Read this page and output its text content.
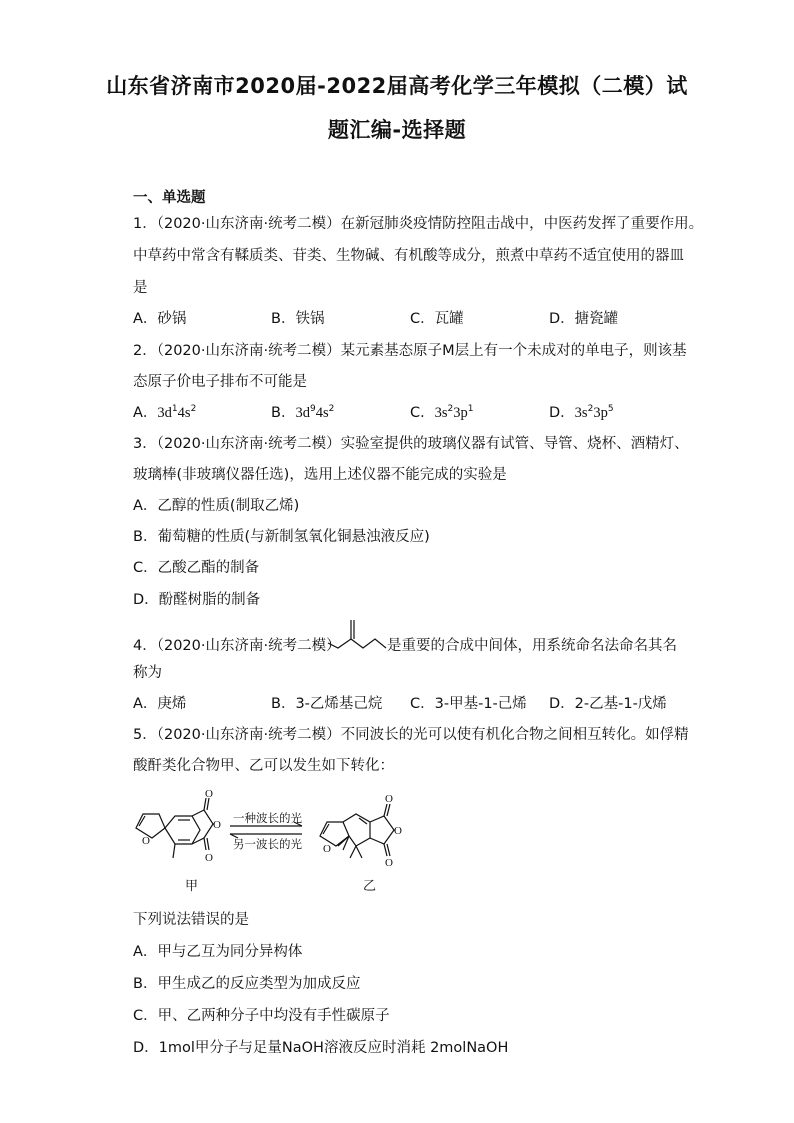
山东省济南市2020届-2022届高考化学三年模拟（二模）试
题汇编-选择题
一、单选题
1．（2020·山东济南·统考二模）在新冠肺炎疫情防控阻击战中，中医药发挥了重要作用。
中草药中常含有鞣质类、苷类、生物碱、有机酸等成分，煎煮中草药不适宜使用的器皿
是
A．砂锅	B．铁锅	C．瓦罐	D．搪瓷罐
2．（2020·山东济南·统考二模）某元素基态原子M层上有一个未成对的单电子，则该基
态原子价电子排布不可能是
A．$3d^14s^2$	B．$3d^94s^2$	C．$3s^23p^1$	D．$3s^23p^5$
3．（2020·山东济南·统考二模）实验室提供的玻璃仪器有试管、导管、烧杯、酒精灯、
玻璃棒(非玻璃仪器任选)，选用上述仪器不能完成的实验是
A．乙醇的性质(制取乙烯)
B．葡萄糖的性质(与新制氢氧化铜悬浊液反应)
C．乙酸乙酯的制备
D．酚醛树脂的制备
4．（2020·山东济南·统考二模）	是重要的合成中间体，用系统命名法命名其名
称为
A．庚烯	B．3-乙烯基己烷 C．3-甲基-1-己烯 D．2-乙基-1-戊烯
5．（2020·山东济南·统考二模）不同波长的光可以使有机化合物之间相互转化。如俘精
酸酐类化合物甲、乙可以发生如下转化：
O
O
O
O
O
O
O
O
一种波长的光
另一波长的光
甲	乙
下列说法错误的是
A．甲与乙互为同分异构体
B．甲生成乙的反应类型为加成反应
C．甲、乙两种分子中均没有手性碳原子
D．1mol甲分子与足量NaOH溶液反应时消耗 2molNaOH
